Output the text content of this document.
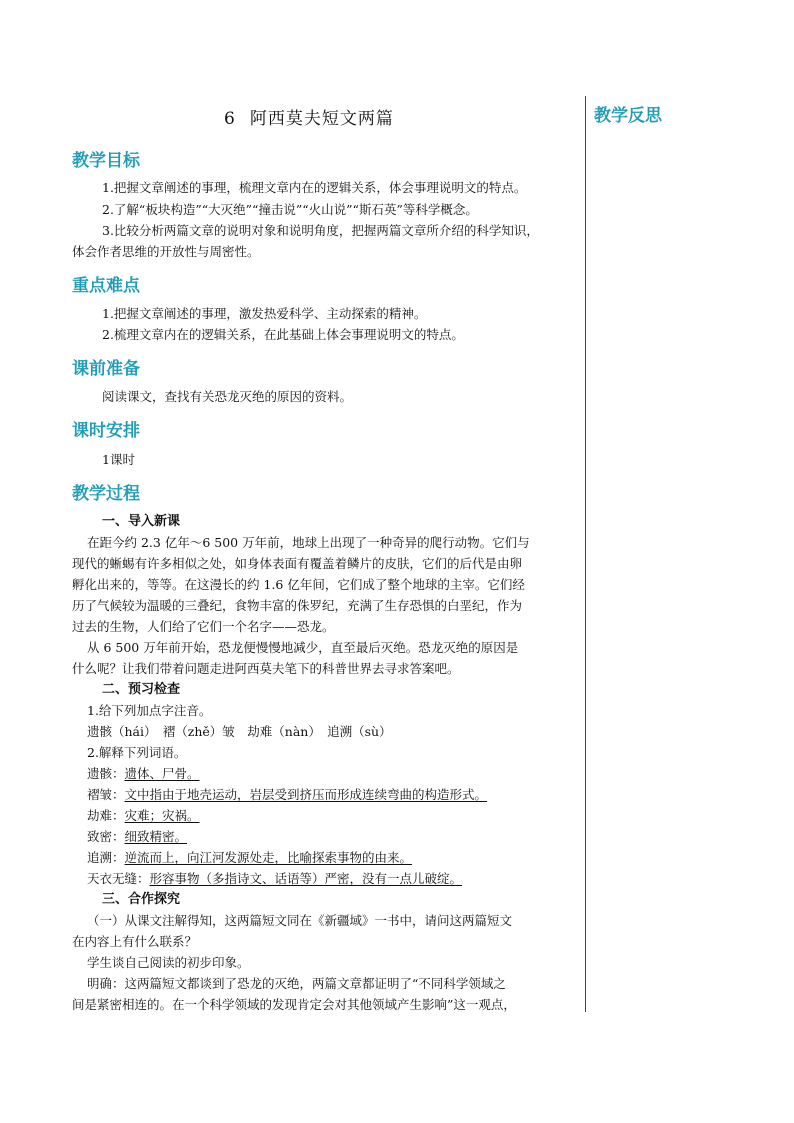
6 阿西莫夫短文两篇	教学反思
教学目标
1.把握文章阐述的事理，梳理文章内在的逻辑关系，体会事理说明文的特点。
2.了解“板块构造”“大灭绝”“撞击说”“火山说”“斯石英”等科学概念。
3.比较分析两篇文章的说明对象和说明角度，把握两篇文章所介绍的科学知识，
体会作者思维的开放性与周密性。
重点难点
1.把握文章阐述的事理，激发热爱科学、主动探索的精神。
2.梳理文章内在的逻辑关系，在此基础上体会事理说明文的特点。
课前准备
阅读课文，查找有关恐龙灭绝的原因的资料。
课时安排
1课时
教学过程
一、导入新课
在距今约 2.3 亿年～6 500 万年前，地球上出现了一种奇异的爬行动物。它们与
现代的蜥蜴有许多相似之处，如身体表面有覆盖着鳞片的皮肤，它们的后代是由卵
孵化出来的，等等。在这漫长的约 1.6 亿年间，它们成了整个地球的主宰。它们经
历了气候较为温暖的三叠纪，食物丰富的侏罗纪，充满了生存恐惧的白垩纪，作为
过去的生物，人们给了它们一个名字——恐龙。
从 6 500 万年前开始，恐龙便慢慢地减少，直至最后灭绝。恐龙灭绝的原因是
什么呢？让我们带着问题走进阿西莫夫笔下的科普世界去寻求答案吧。
二、预习检查
1.给下列加点字注音。
遗骸（hái）　褶（zhě）皱　劫难（nàn）　追溯（sù）
2.解释下列词语。
遗骸：遗体、尸骨。
褶皱：文中指由于地壳运动，岩层受到挤压而形成连续弯曲的构造形式。
劫难：灾难；灾祸。
致密：细致精密。
追溯：逆流而上，向江河发源处走，比喻探索事物的由来。
天衣无缝：形容事物（多指诗文、话语等）严密，没有一点儿破绽。
三、合作探究
（一）从课文注解得知，这两篇短文同在《新疆域》一书中，请问这两篇短文
在内容上有什么联系？
学生谈自己阅读的初步印象。
明确：这两篇短文都谈到了恐龙的灭绝，两篇文章都证明了“不同科学领域之
间是紧密相连的。在一个科学领域的发现肯定会对其他领域产生影响”这一观点，
